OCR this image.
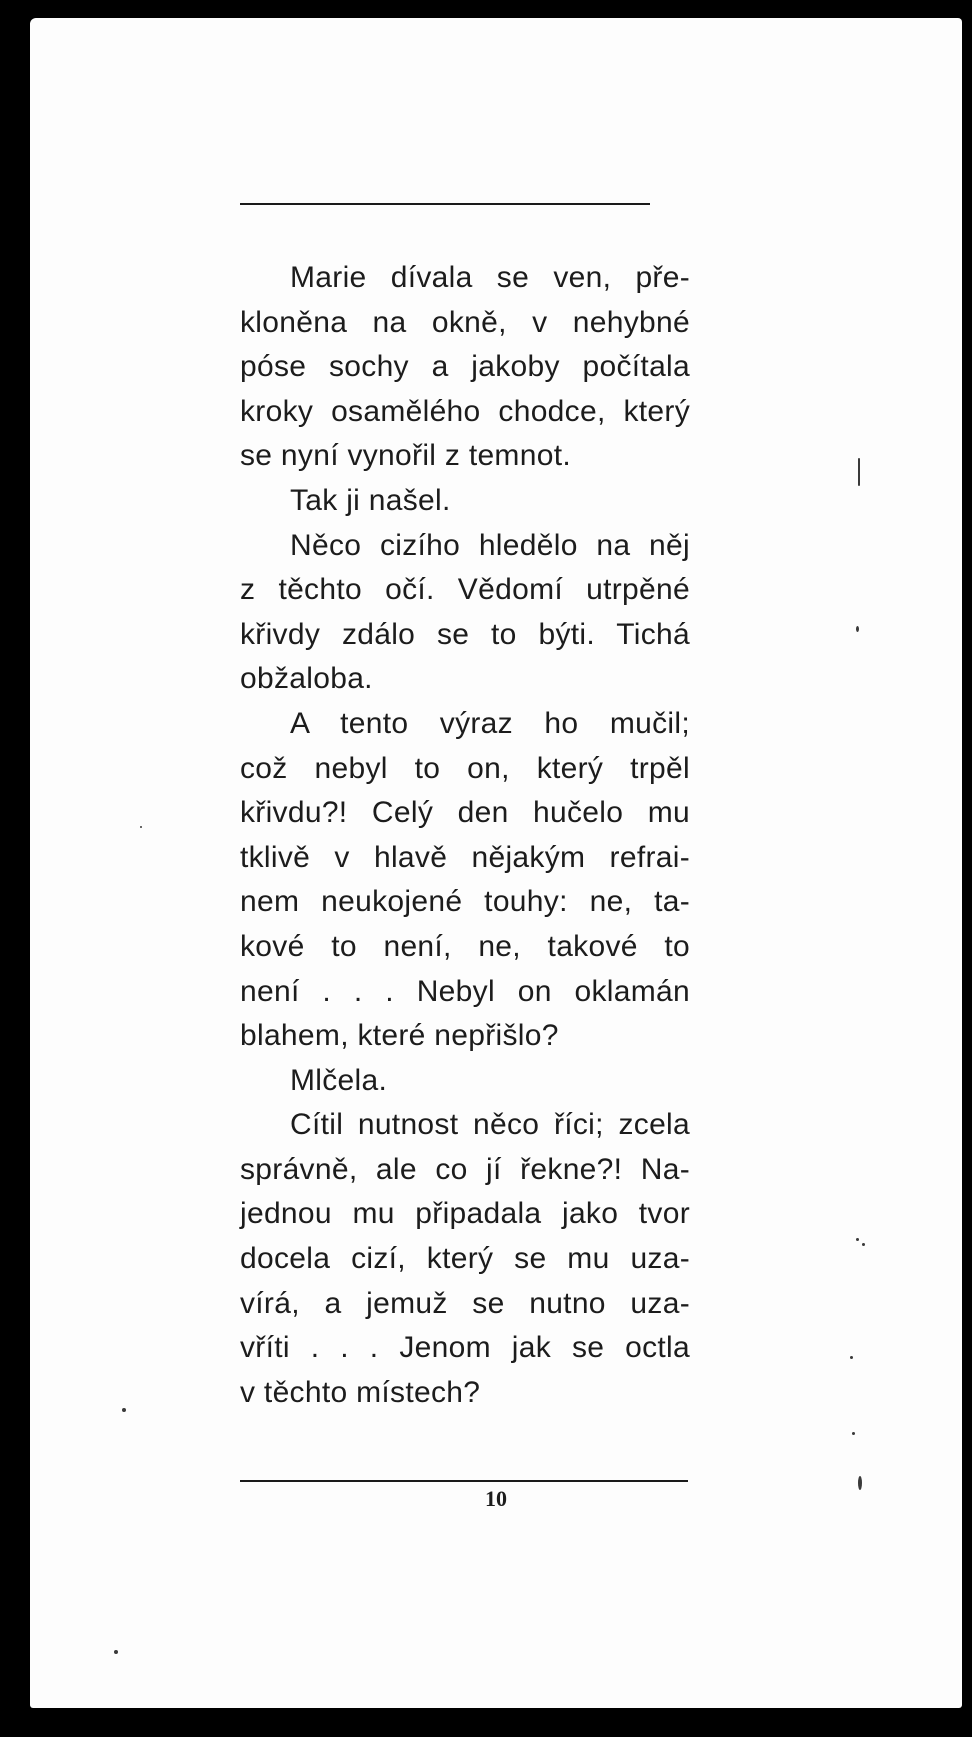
Marie dívala se ven, pře-
kloněna na okně, v nehybné
póse sochy a jakoby počítala
kroky osamělého chodce, který
se nyní vynořil z temnot.
Tak ji našel.
Něco cizího hledělo na něj
z těchto očí. Vědomí utrpěné
křivdy zdálo se to býti. Tichá
obžaloba.
A tento výraz ho mučil;
což nebyl to on, který trpěl
křivdu?! Celý den hučelo mu
tklivě v hlavě nějakým refrai-
nem neukojené touhy: ne, ta-
kové to není, ne, takové to
není . . . Nebyl on oklamán
blahem, které nepřišlo?
Mlčela.
Cítil nutnost něco říci; zcela
správně, ale co jí řekne?! Na-
jednou mu připadala jako tvor
docela cizí, který se mu uza-
vírá, a jemuž se nutno uza-
vříti . . . Jenom jak se octla
v těchto místech?
10
